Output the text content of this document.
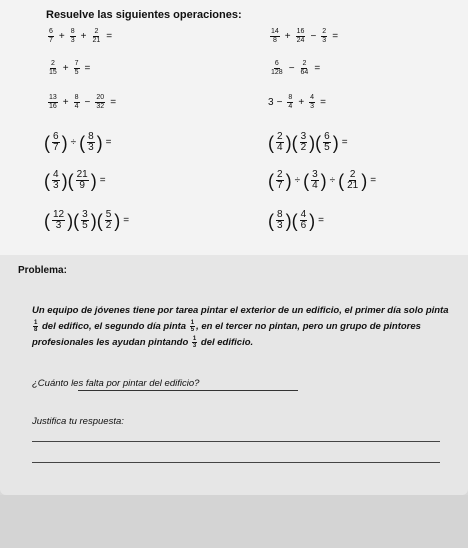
Resuelve las siguientes operaciones:
$\frac{6}{7} + \frac{8}{3} + \frac{2}{21}$ =	$\frac{14}{8} + \frac{16}{24} - \frac{2}{3}$ =
$\frac{2}{15} + \frac{7}{5}$ =	$\frac{6}{128} - \frac{2}{64}$ =
$\frac{13}{16} + \frac{8}{4} - \frac{20}{32}$ =	$3 - \frac{8}{4} + \frac{4}{3}$ =
( $\frac{6}{7}$ ) ÷ ( $\frac{8}{3}$ ) =	( $\frac{2}{4}$ ) ( $\frac{3}{2}$ ) ( $\frac{6}{5}$ ) =
( $\frac{4}{3}$ ) ( $\frac{21}{9}$ ) =	( $\frac{2}{7}$ ) ÷ ( $\frac{3}{4}$ ) ÷ ( $\frac{2}{21}$ ) =
( $\frac{12}{3}$ ) ( $\frac{3}{5}$ ) ( $\frac{5}{2}$ ) =	( $\frac{8}{3}$ ) ( $\frac{4}{6}$ ) =
Problema:
Un equipo de jóvenes tiene por tarea pintar el exterior de un edificio, el primer día solo pinta
$\frac{1}{8}$ del edifico, el segundo día pinta $\frac{1}{5}$ , en el tercer no pintan, pero un grupo de pintores profesionales les ayudan pintando $\frac{1}{3}$ del edificio.
¿Cuánto les falta por pintar del edificio?
Justifica tu respuesta:
